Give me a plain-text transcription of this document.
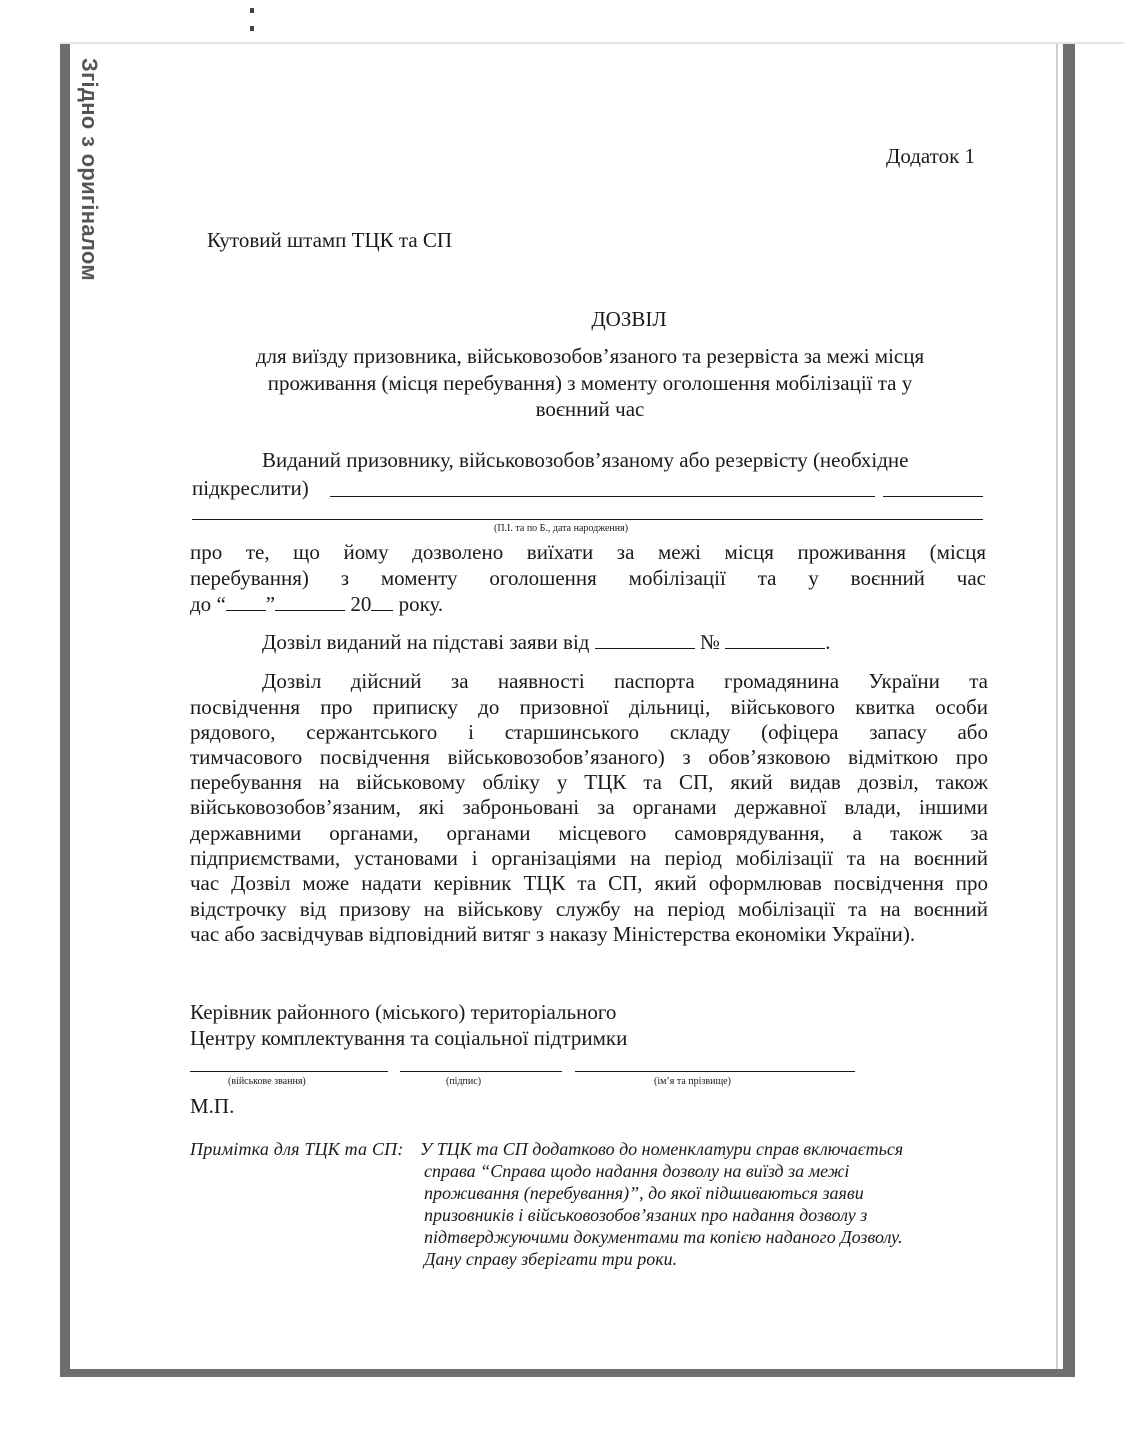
Згідно з оригіналом	Додаток 1
Кутовий штамп ТЦК та СП
ДОЗВІЛ
для виїзду призовника, військовозобов’язаного та резервіста за межі місця
проживання (місця перебування) з моменту оголошення мобілізації та у
воєнний час
Виданий призовнику, військовозобов’язаному або резервісту (необхідне
підкреслити)
(П.І. та по Б., дата народження)
про те, що йому дозволено виїхати за межі місця проживання (місця
перебування) з моменту оголошення мобілізації та у воєнний час
до “ ”	20 року.
Дозвіл виданий на підставі заяви від	№	.
Дозвіл дійсний за наявності паспорта громадянина України та
посвідчення про приписку до призовної дільниці, військового квитка особи
рядового, сержантського і старшинського складу (офіцера запасу або
тимчасового посвідчення військовозобов’язаного) з обов’язковою відміткою про
перебування на військовому обліку у ТЦК та СП, який видав дозвіл, також
військовозобов’язаним, які заброньовані за органами державної влади, іншими
державними органами, органами місцевого самоврядування, а також за
підприємствами, установами і організаціями на період мобілізації та на воєнний
час Дозвіл може надати керівник ТЦК та СП, який оформлював посвідчення про
відстрочку від призову на військову службу на період мобілізації та на воєнний
час або засвідчував відповідний витяг з наказу Міністерства економіки України).
Керівник районного (міського) територіального
Центру комплектування та соціальної підтримки
(військове звання)	(підпис)	(ім’я та прізвище)
М.П.
Примітка для ТЦК та СП: У ТЦК та СП додатково до номенклатури справ включається
справа “Справа щодо надання дозволу на виїзд за межі
проживання (перебування)”, до якої підшиваються заяви
призовників і військовозобов’язаних про надання дозволу з
підтверджуючими документами та копією наданого Дозволу.
Дану справу зберігати три роки.
